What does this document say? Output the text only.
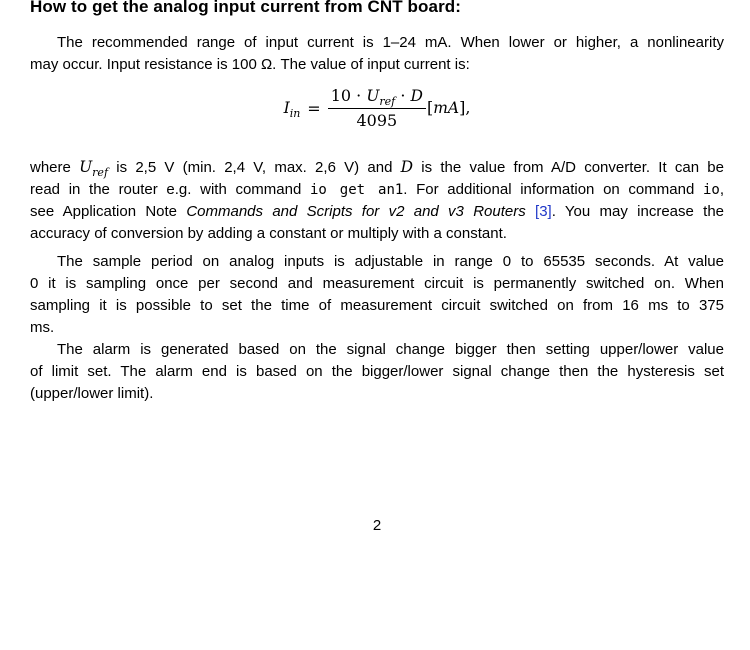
How to get the analog input current from CNT board:
The recommended range of input current is 1–24 mA. When lower or higher, a nonlinearity
may occur. Input resistance is 100 Ω. The value of input current is:
$I_{in} = \frac{10 \cdot U_{ref} \cdot D}{4095} [mA]$,
where $U_{ref}$ is 2,5 V (min. 2,4 V, max. 2,6 V) and D is the value from A/D converter. It can be
read in the router e.g. with command io get an1. For additional information on command io,
see Application Note Commands and Scripts for v2 and v3 Routers [3]. You may increase the
accuracy of conversion by adding a constant or multiply with a constant.
The sample period on analog inputs is adjustable in range 0 to 65535 seconds. At value
0 it is sampling once per second and measurement circuit is permanently switched on. When
sampling it is possible to set the time of measurement circuit switched on from 16 ms to 375
ms.
The alarm is generated based on the signal change bigger then setting upper/lower value
of limit set. The alarm end is based on the bigger/lower signal change then the hysteresis set
(upper/lower limit).
2
